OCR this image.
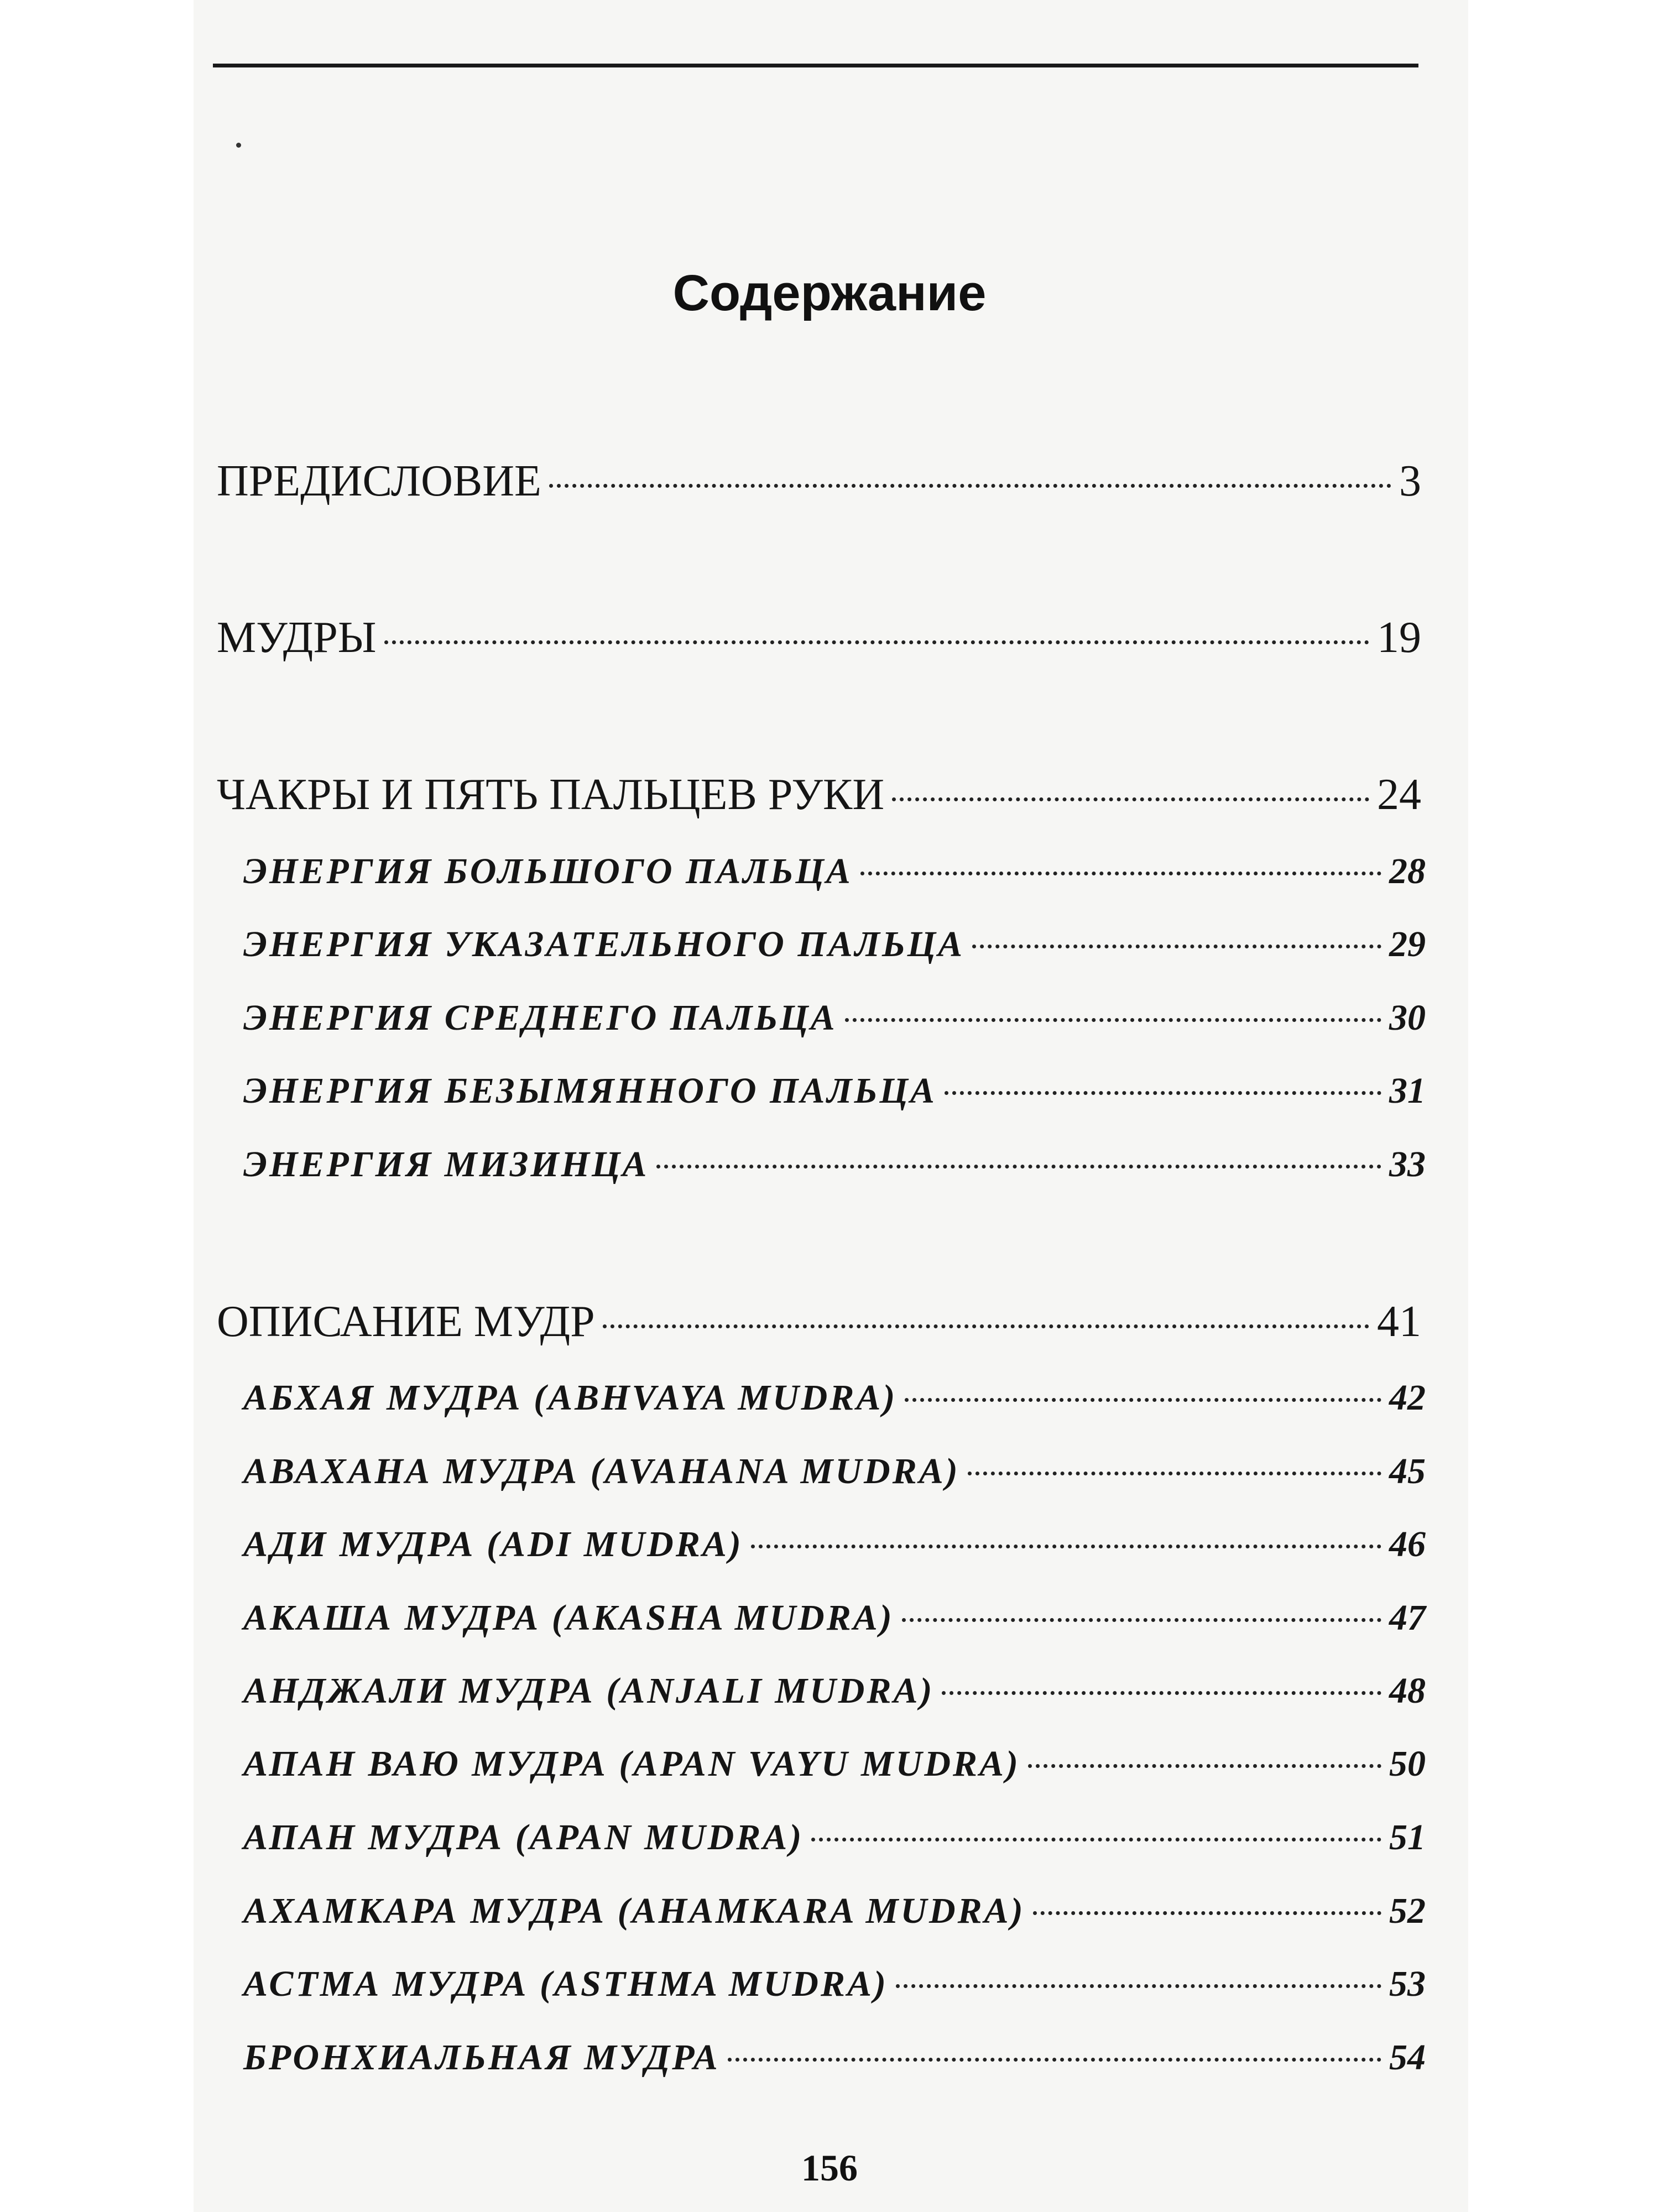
Содержание
ПРЕДИСЛОВИЕ	3
МУДРЫ	19
ЧАКРЫ И ПЯТЬ ПАЛЬЦЕВ РУКИ	24
ЭНЕРГИЯ БОЛЬШОГО ПАЛЬЦА	28
ЭНЕРГИЯ УКАЗАТЕЛЬНОГО ПАЛЬЦА	29
ЭНЕРГИЯ СРЕДНЕГО ПАЛЬЦА	30
ЭНЕРГИЯ БЕЗЫМЯННОГО ПАЛЬЦА	31
ЭНЕРГИЯ МИЗИНЦА	33
ОПИСАНИЕ МУДР	41
АБХАЯ МУДРА (ABHVAYA MUDRA)	42
АВАХАНА МУДРА (AVAHANA MUDRA)	45
АДИ МУДРА (ADI MUDRA)	46
АКАША МУДРА (AKASHA MUDRA)	47
АНДЖАЛИ МУДРА (ANJALI MUDRA)	48
АПАН ВАЮ МУДРА (APAN VAYU MUDRA)	50
АПАН МУДРА (APAN MUDRA)	51
АХАМКАРА МУДРА (AHAMKARA MUDRA)	52
АСТМА МУДРА (ASTHMA MUDRA)	53
БРОНХИАЛЬНАЯ МУДРА	54
156
